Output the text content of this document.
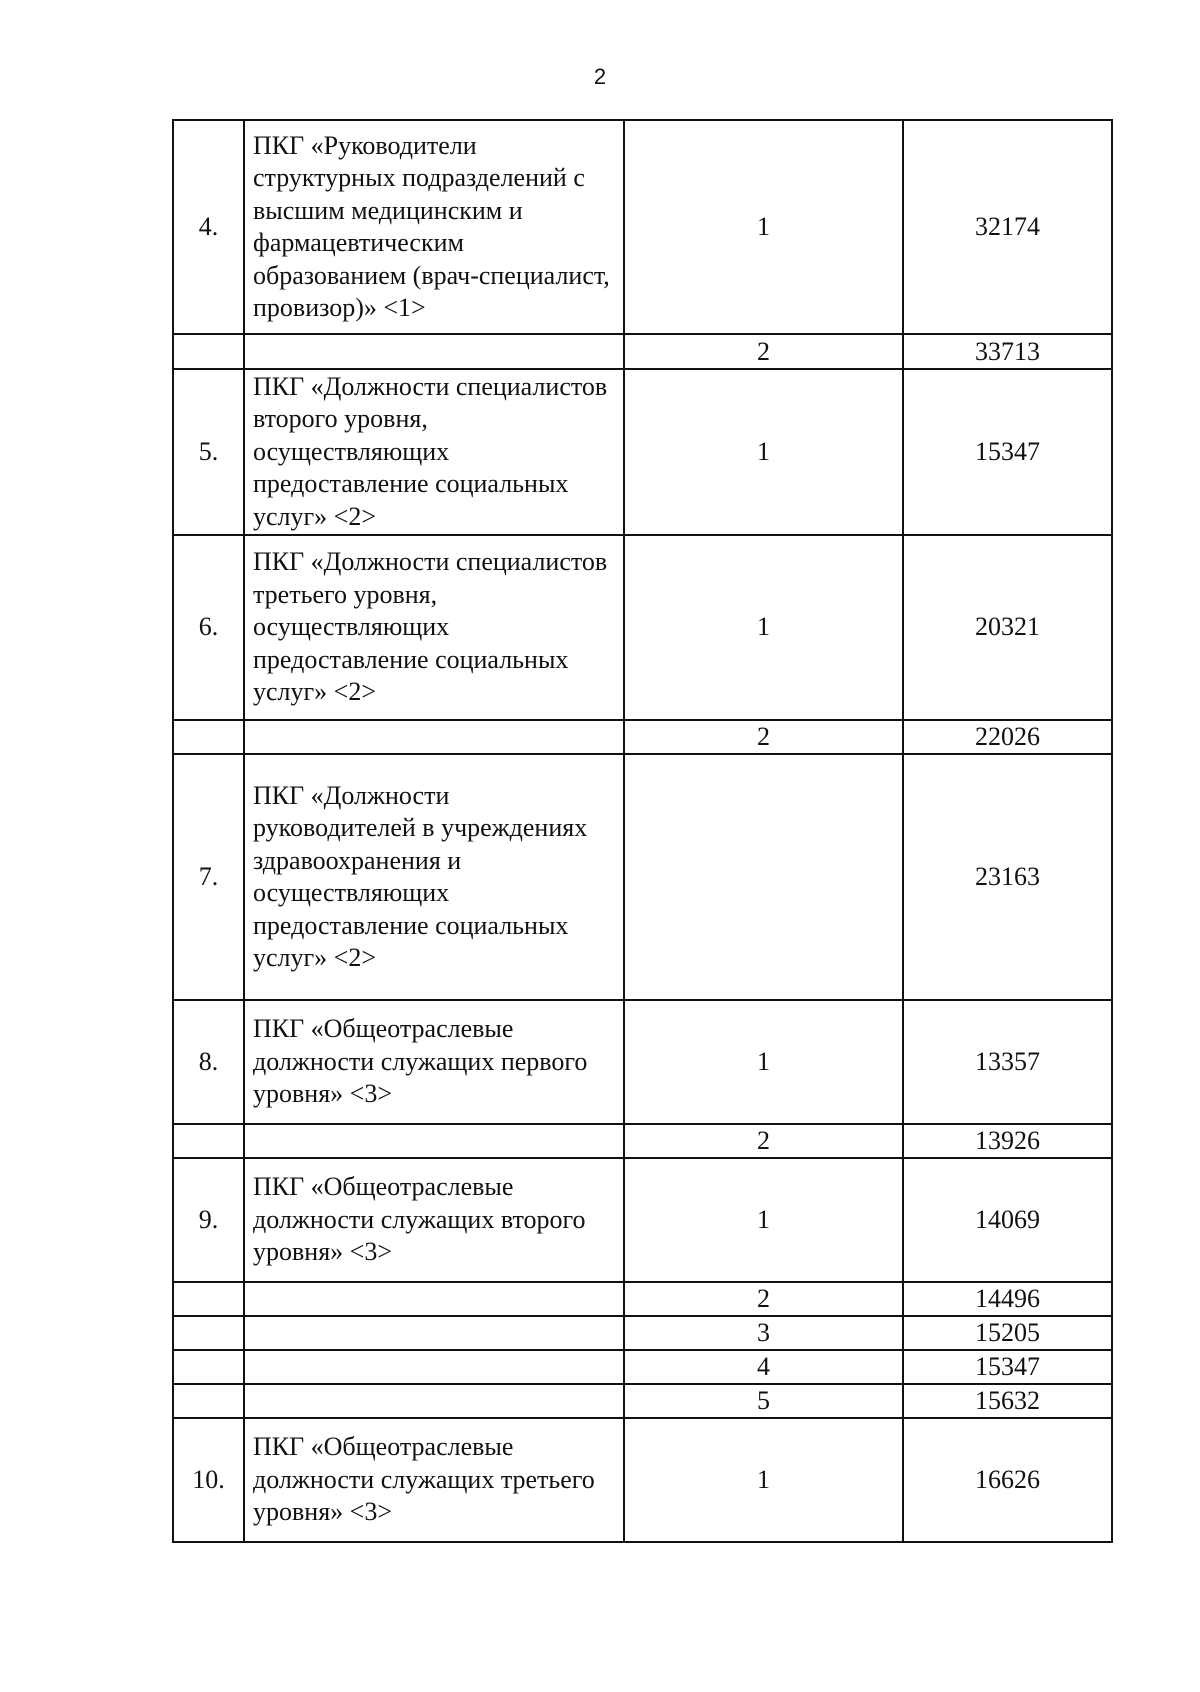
2
4.	ПКГ «Руководители структурных подразделений с высшим медицинским и фармацевтическим образованием (врач-специалист, провизор)» <1>	1	32174
		2	33713
5.	ПКГ «Должности специалистов второго уровня, осуществляющих предоставление социальных услуг» <2>	1	15347
6.	ПКГ «Должности специалистов третьего уровня, осуществляющих предоставление социальных услуг» <2>	1	20321
		2	22026
7.	ПКГ «Должности руководителей в учреждениях здравоохранения и осуществляющих предоставление социальных услуг» <2>		23163
8.	ПКГ «Общеотраслевые должности служащих первого уровня» <3>	1	13357
		2	13926
9.	ПКГ «Общеотраслевые должности служащих второго уровня» <3>	1	14069
		2	14496
		3	15205
		4	15347
		5	15632
10.	ПКГ «Общеотраслевые должности служащих третьего уровня» <3>	1	16626
